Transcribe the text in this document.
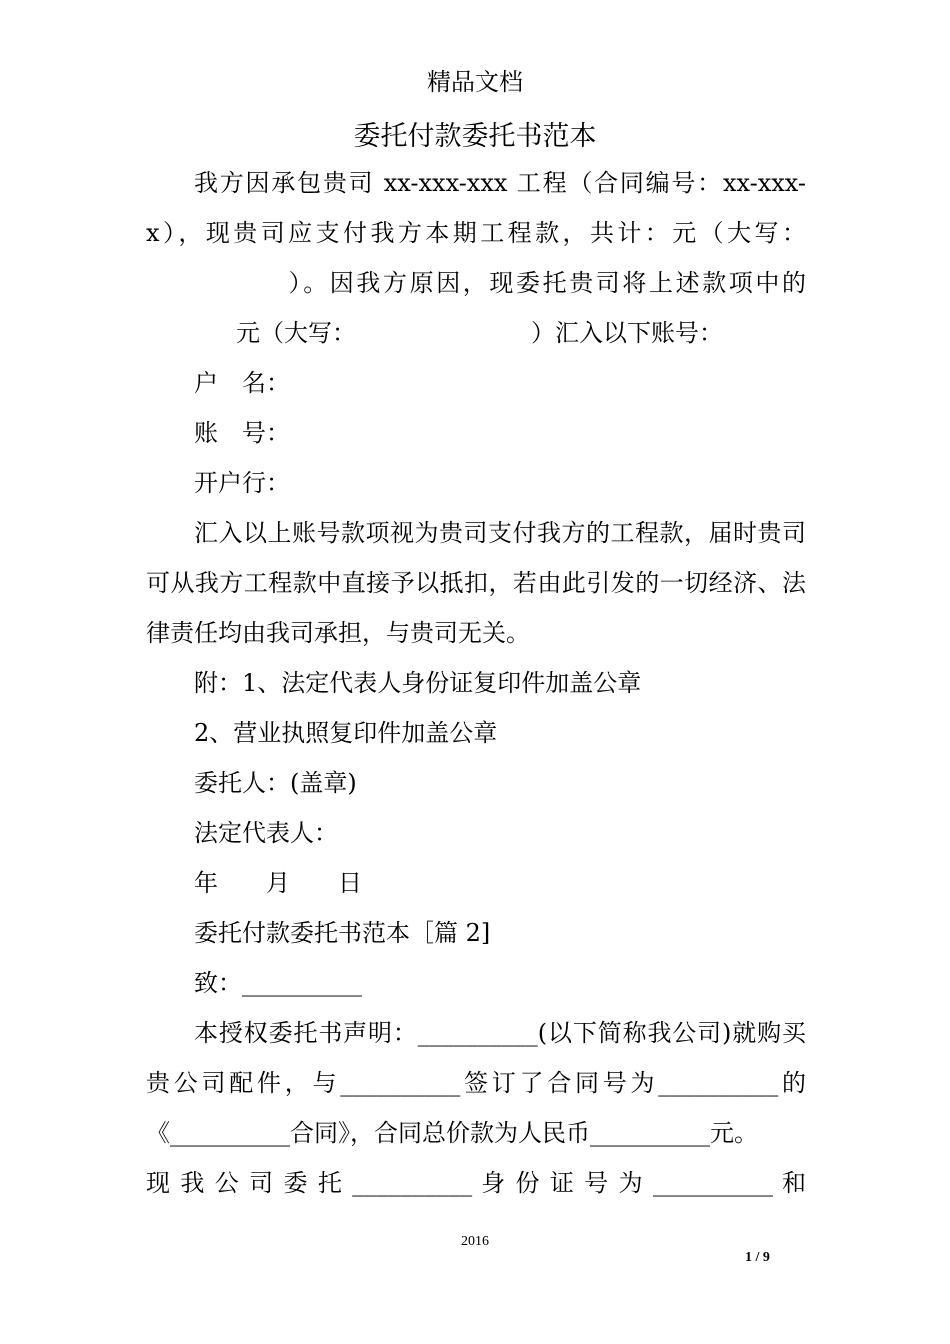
精品文档
委托付款委托书范本

我方因承包贵司 xx-xxx-xxx 工程（合同编号：xx-xxx-x），现贵司应支付我方本期工程款，共计：元（大写：）。因我方原因，现委托贵司将上述款项中的元（大写：	）汇入以下账号：

户　名：

账　号：

开户行：

汇入以上账号款项视为贵司支付我方的工程款，届时贵司可从我方工程款中直接予以抵扣，若由此引发的一切经济、法律责任均由我司承担，与贵司无关。

附：1、法定代表人身份证复印件加盖公章

2、营业执照复印件加盖公章

委托人：(盖章)

法定代表人：

年　　月　　日

委托付款委托书范本［篇 2]

致：__________

本授权委托书声明：__________(以下简称我公司)就购买贵公司配件，与__________签订了合同号为__________的《__________合同》，合同总价款为人民币__________元。

现 我 公 司 委 托 __________ 身 份 证 号 为 __________ 和

2016
1 / 9
